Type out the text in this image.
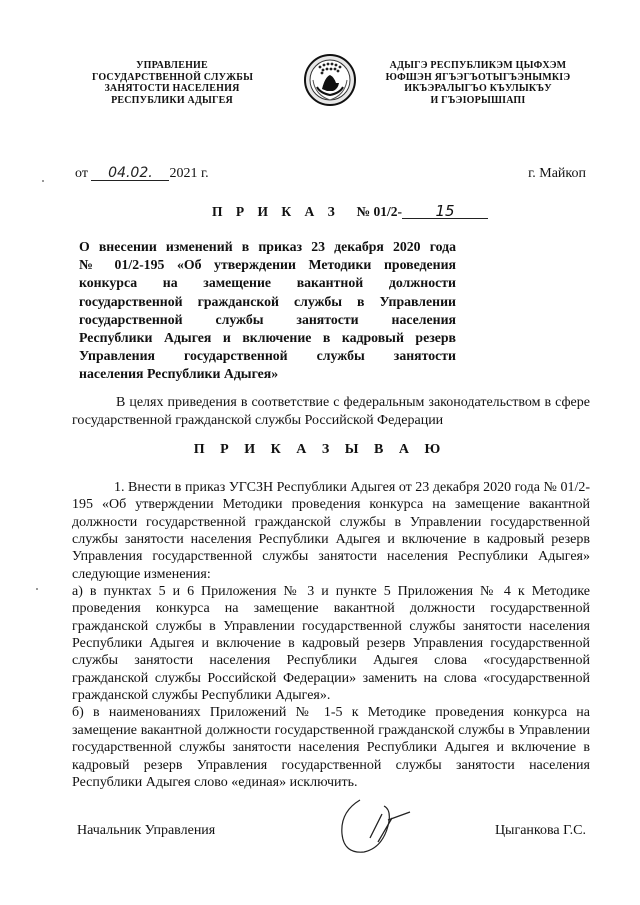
УПРАВЛЕНИЕ
ГОСУДАРСТВЕННОЙ СЛУЖБЫ
ЗАНЯТОСТИ НАСЕЛЕНИЯ
РЕСПУБЛИКИ АДЫГЕЯ
АДЫГЭ РЕСПУБЛИКЭМ ЦЫФХЭМ
ЮФШЭН ЯГЪЭГЪОТЫГЪЭНЫМКIЭ
ИКЪЭРАЛЫГЪО КЪУЛЫКЪУ
И ГЪЭIОРЫШIАПI
от 04.02. 2021 г.	г. Майкоп
П Р И К А З № 01/2- 15
О внесении изменений в приказ 23 декабря 2020 года
№ 01/2-195 «Об утверждении Методики проведения
конкурса на замещение вакантной должности
государственной гражданской службы в Управлении
государственной службы занятости населения
Республики Адыгея и включение в кадровый резерв
Управления государственной службы занятости
населения Республики Адыгея»
В целях приведения в соответствие с федеральным законодательством в сфере государственной гражданской службы Российской Федерации
П Р И К А З Ы В А Ю
1. Внести в приказ УГСЗН Республики Адыгея от 23 декабря 2020 года № 01/2-195 «Об утверждении Методики проведения конкурса на замещение вакантной должности государственной гражданской службы в Управлении государственной службы занятости населения Республики Адыгея и включение в кадровый резерв Управления государственной службы занятости населения Республики Адыгея» следующие изменения:
а) в пунктах 5 и 6 Приложения № 3 и пункте 5 Приложения № 4 к Методике проведения конкурса на замещение вакантной должности государственной гражданской службы в Управлении государственной службы занятости населения Республики Адыгея и включение в кадровый резерв Управления государственной службы занятости населения Республики Адыгея слова «государственной гражданской службы Российской Федерации» заменить на слова «государственной гражданской службы Республики Адыгея».
б) в наименованиях Приложений № 1-5 к Методике проведения конкурса на замещение вакантной должности государственной гражданской службы в Управлении государственной службы занятости населения Республики Адыгея и включение в кадровый резерв Управления государственной службы занятости населения Республики Адыгея слово «единая» исключить.
Начальник Управления	Цыганкова Г.С.
